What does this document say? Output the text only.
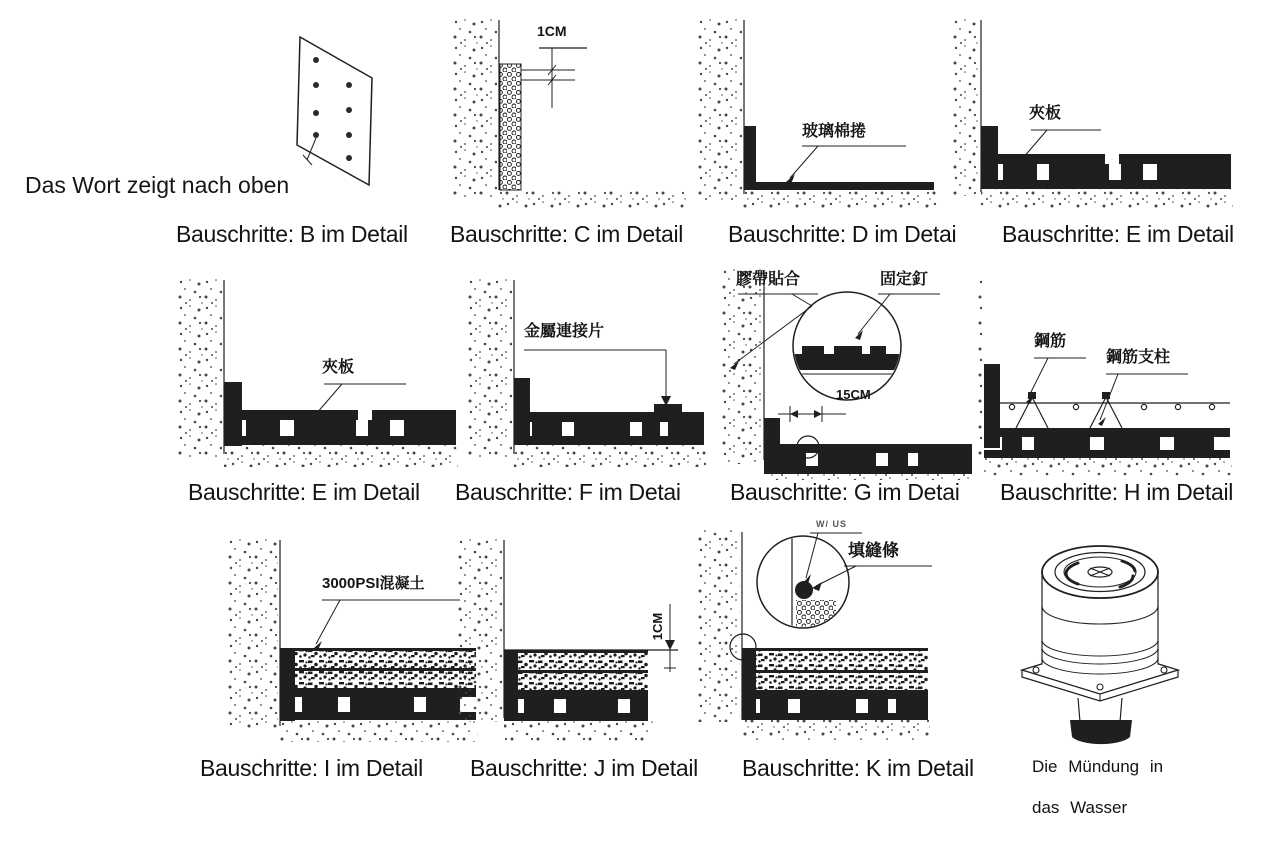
Das Wort zeigt nach oben
1CM
玻璃棉捲
夾板
夾板
金屬連接片
膠帶貼合	固定釘
15CM
鋼筋
鋼筋支柱
3000PSI混凝土
1CM
W/ US
填縫條
Bauschritte: B im Detail Bauschritte: C im Detail Bauschritte: D im Detai Bauschritte: E im Detail
Bauschritte: E im Detail Bauschritte: F im Detai Bauschritte: G im Detai Bauschritte: H im Detail
Bauschritte: I im Detail Bauschritte: J im Detail Bauschritte: K im Detail	Die Mündung in
das Wasser
